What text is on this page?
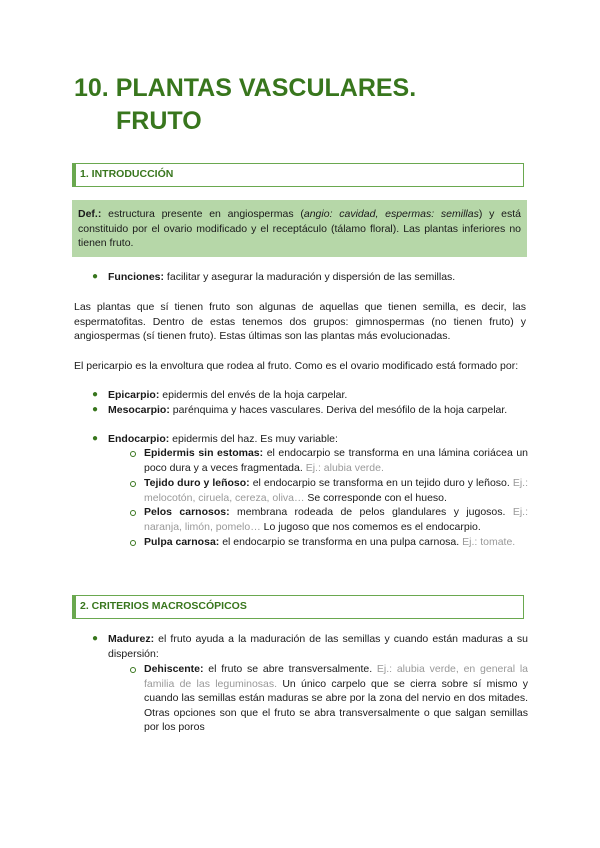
10. PLANTAS VASCULARES.
FRUTO
1. INTRODUCCIÓN
Def.: estructura presente en angiospermas (angio: cavidad, espermas: semillas) y está constituido por el ovario modificado y el receptáculo (tálamo floral). Las plantas inferiores no tienen fruto.
● Funciones: facilitar y asegurar la maduración y dispersión de las semillas.
Las plantas que sí tienen fruto son algunas de aquellas que tienen semilla, es decir, las espermatofitas. Dentro de estas tenemos dos grupos: gimnospermas (no tienen fruto) y angiospermas (sí tienen fruto). Estas últimas son las plantas más evolucionadas.
El pericarpio es la envoltura que rodea al fruto. Como es el ovario modificado está formado por:
● Epicarpio: epidermis del envés de la hoja carpelar.
● Mesocarpio: parénquima y haces vasculares. Deriva del mesófilo de la hoja carpelar.
● Endocarpio: epidermis del haz. Es muy variable:
Epidermis sin estomas: el endocarpio se transforma en una lámina coriácea un poco dura y a veces fragmentada. Ej.: alubia verde.
Tejido duro y leñoso: el endocarpio se transforma en un tejido duro y leñoso. Ej.: melocotón, ciruela, cereza, oliva… Se corresponde con el hueso.
Pelos carnosos: membrana rodeada de pelos glandulares y jugosos. Ej.: naranja, limón, pomelo… Lo jugoso que nos comemos es el endocarpio.
Pulpa carnosa: el endocarpio se transforma en una pulpa carnosa. Ej.: tomate.
2. CRITERIOS MACROSCÓPICOS
● Madurez: el fruto ayuda a la maduración de las semillas y cuando están maduras a su dispersión:
Dehiscente: el fruto se abre transversalmente. Ej.: alubia verde, en general la familia de las leguminosas. Un único carpelo que se cierra sobre sí mismo y cuando las semillas están maduras se abre por la zona del nervio en dos mitades. Otras opciones son que el fruto se abra transversalmente o que salgan semillas por los poros
